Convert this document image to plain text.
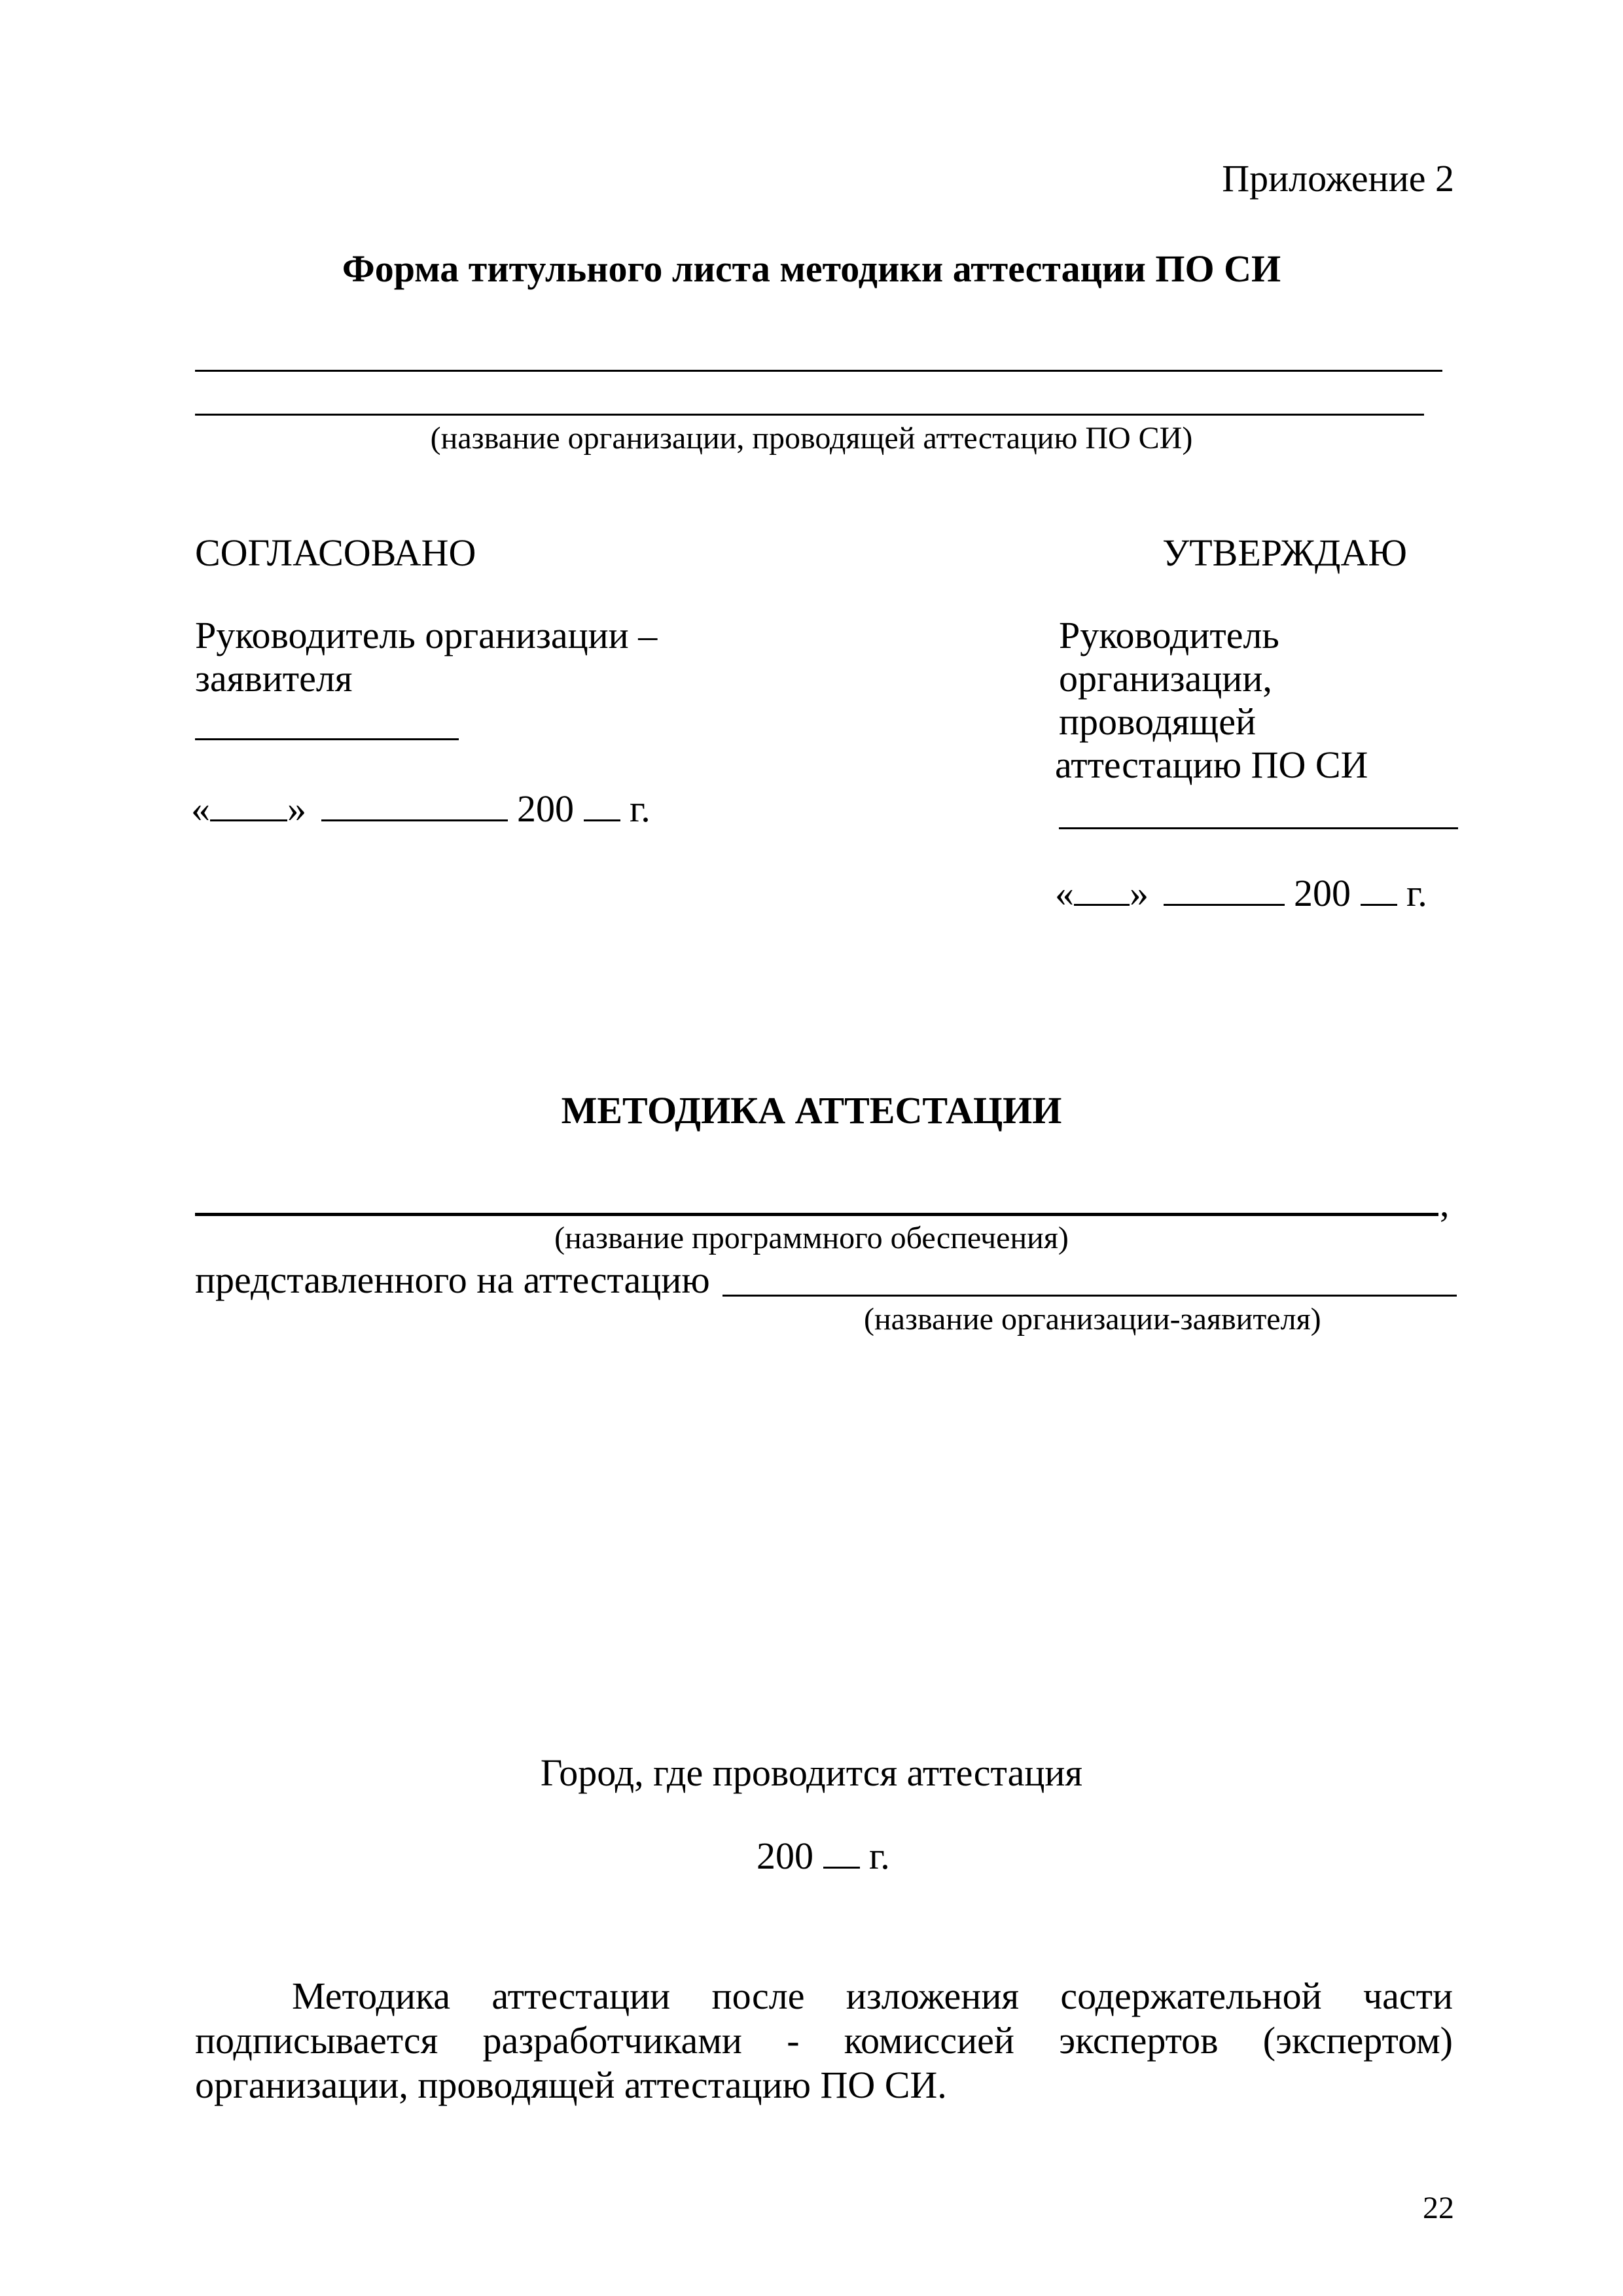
Приложение 2
Форма титульного листа методики аттестации ПО СИ
(название организации, проводящей аттестацию ПО СИ)
СОГЛАСОВАНО
Руководитель организации –
заявителя
« »	200 г.
УТВЕРЖДАЮ
Руководитель
организации,
проводящей
аттестацию ПО СИ
« »	200 г.
МЕТОДИКА АТТЕСТАЦИИ
,
(название программного обеспечения)
представленного на аттестацию
(название организации-заявителя)
Город, где проводится аттестация
200 г.
Методика аттестации после изложения содержательной части подписывается разработчиками - комиссией экспертов (экспертом) организации, проводящей аттестацию ПО СИ.
22
